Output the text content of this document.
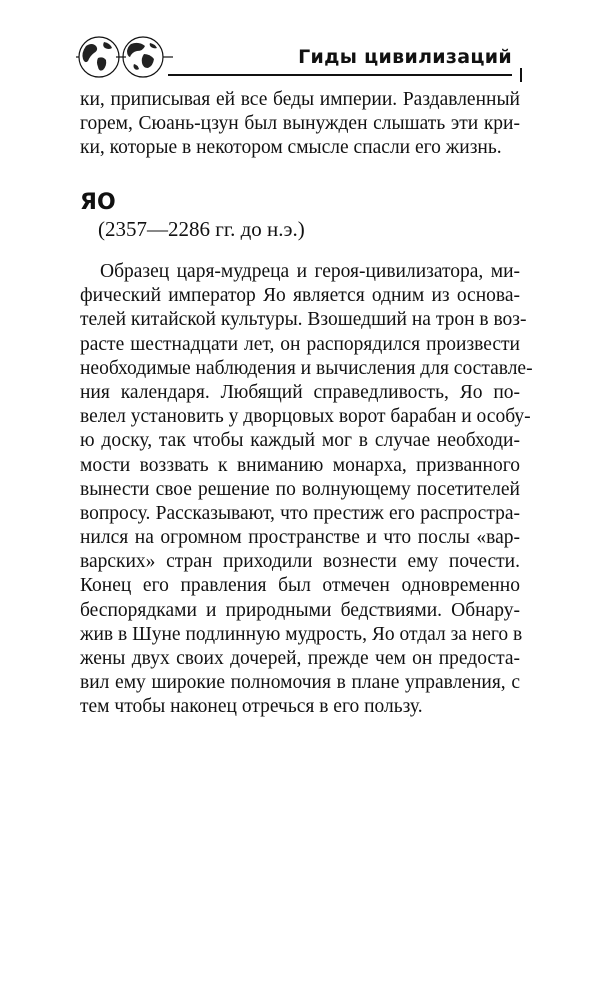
Гиды цивилизаций
ки, приписывая ей все беды империи. Раздавленный
горем, Сюань-цзун был вынужден слышать эти кри-
ки, которые в некотором смысле спасли его жизнь.
ЯО
(2357—2286 гг. до н.э.)
Образец царя-мудреца и героя-цивилизатора, ми-
фический император Яо является одним из основа-
телей китайской культуры. Взошедший на трон в воз-
расте шестнадцати лет, он распорядился произвести
необходимые наблюдения и вычисления для составле-
ния календаря. Любящий справедливость, Яо по-
велел установить у дворцовых ворот барабан и особу-
ю доску, так чтобы каждый мог в случае необходи-
мости воззвать к вниманию монарха, призванного
вынести свое решение по волнующему посетителей
вопросу. Рассказывают, что престиж его распростра-
нился на огромном пространстве и что послы «вар-
варских» стран приходили вознести ему почести.
Конец его правления был отмечен одновременно
беспорядками и природными бедствиями. Обнару-
жив в Шуне подлинную мудрость, Яо отдал за него в
жены двух своих дочерей, прежде чем он предоста-
вил ему широкие полномочия в плане управления, с
тем чтобы наконец отречься в его пользу.
